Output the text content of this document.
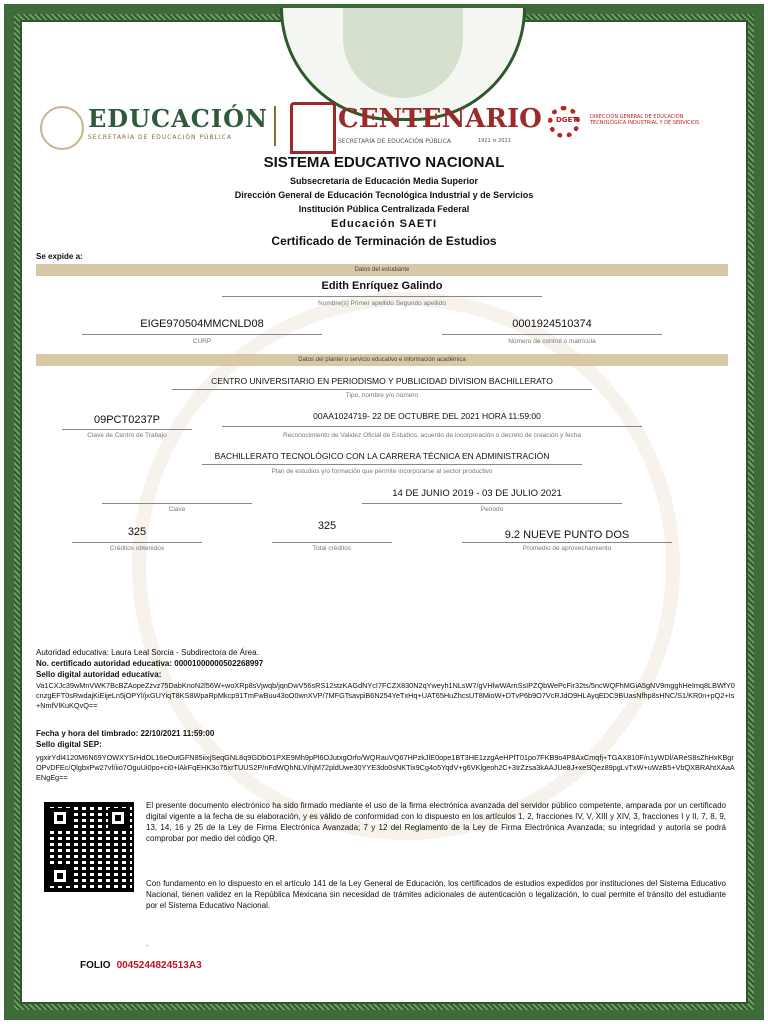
EDUCACIÓN
SECRETARÍA DE EDUCACIÓN PÚBLICA
CENTENARIO
SECRETARÍA DE EDUCACIÓN PÚBLICA	1921 ≡ 2021
DGETI DIRECCIÓN GENERAL DE EDUCACIÓN TECNOLÓGICA INDUSTRIAL Y DE SERVICIOS
SISTEMA EDUCATIVO NACIONAL
Subsecretaría de Educación Media Superior
Dirección General de Educación Tecnológica Industrial y de Servicios
Institución Pública Centralizada Federal
Educación SAETI
Certificado de Terminación de Estudios
Se expide a:
Datos del estudiante
Edith Enríquez Galindo
Nombre(s) Primer apellido Segundo apellido
EIGE970504MMCNLD08
CURP
0001924510374
Número de control o matrícula
Datos del plantel o servicio educativo e información académica
CENTRO UNIVERSITARIO EN PERIODISMO Y PUBLICIDAD DIVISION BACHILLERATO
Tipo, nombre y/o número
09PCT0237P
Clave de Centro de Trabajo
00AA1024719- 22 DE OCTUBRE DEL 2021 HORA 11:59:00
Reconocimiento de Validez Oficial de Estudios, acuerdo de incorporación o decreto de creación y fecha
BACHILLERATO TECNOLÓGICO CON LA CARRERA TÉCNICA EN ADMINISTRACIÓN
Plan de estudios y/o formación que permite incorporarse al sector productivo
14 DE JUNIO 2019 - 03 DE JULIO 2021
Clave	Periodo
325
Créditos obtenidos
325
Total créditos
9.2 NUEVE PUNTO DOS
Promedio de aprovechamiento
Autoridad educativa: Laura Leal Sorcia - Subdirectora de Área.
No. certificado autoridad educativa: 00001000000502268997
Sello digital autoridad educativa:
Va1CXJc39wMnVWK7BcBZAopeZzvz75DabKnoN2l56W+woXRp8sVjwqb/jqnDwV56sRS12stzKAGdNYcI7FCZX830N2qYweyh1NLsW7/gVHlwWArnSsIPZQbWePcFir32ts/5ncWQFhMGiA5gNV9mgghHeImq8LBWfY0cnzgEFT0sRwdajKiEijeLn5jOPYl/jxGUYiqT8KS8WpaRpMkcp91TmFwBuu43oO0wnXVP/7MFGTsavpiB6N254YeTxHq+UAT65HuZhcsUT8MioW+DTvP6b9O7VcRJdO9HLAyqEDC9BUasNfhp8sHNC/S1/KR0n+pQ2+Is+NmfVlKuKQvQ==
Fecha y hora del timbrado: 22/10/2021 11:59:00
Sello digital SEP:
ygxirYdl4120M6N69YOWXYSrHdOL16eOutGFN85iixjSeqGNL8q9GDbO1PXE9Mh9pPl6OJutxgOrfo/WQRauVQ67HPzkJlE0ope1BT3HE1zzgAeHPfT01po7FKB9o4P8AxCmqfj+TGAX810F/n1yWDl/AReS8sZhHxKBgrOPvDFEc/QlgbxPw27vf/iio7OguUi0po+ci0+lAkFqEHK3o75xrTUUS2P/nFdWQhNLVIhjM72pldUwe30YYE3do0sNKTix9Cg4o5YqdV+g6VKlgeoh2C+3IrZzsa3kAAJUe8J+xeSQez89pgLvTxW+uWzB5+VbQXBRAhtXAaAENgEg==
El presente documento electrónico ha sido firmado mediante el uso de la firma electrónica avanzada del servidor público competente, amparada por un certificado digital vigente a la fecha de su elaboración, y es válido de conformidad con lo dispuesto en los artículos 1, 2, fracciones IV, V, XIII y XIV, 3, fracciones I y II, 7, 8, 9, 13, 14, 16 y 25 de la Ley de Firma Electrónica Avanzada; 7 y 12 del Reglamento de la Ley de Firma Electrónica Avanzada; su integridad y autoría se podrá comprobar por medio del código QR.
Con fundamento en lo dispuesto en el artículo 141 de la Ley General de Educación, los certificados de estudios expedidos por instituciones del Sistema Educativo Nacional, tienen validez en la República Mexicana sin necesidad de trámites adicionales de autenticación o legalización, lo cual permite el tránsito del estudiante por el Sistema Educativo Nacional.
.
FOLIO 0045244824513A3
